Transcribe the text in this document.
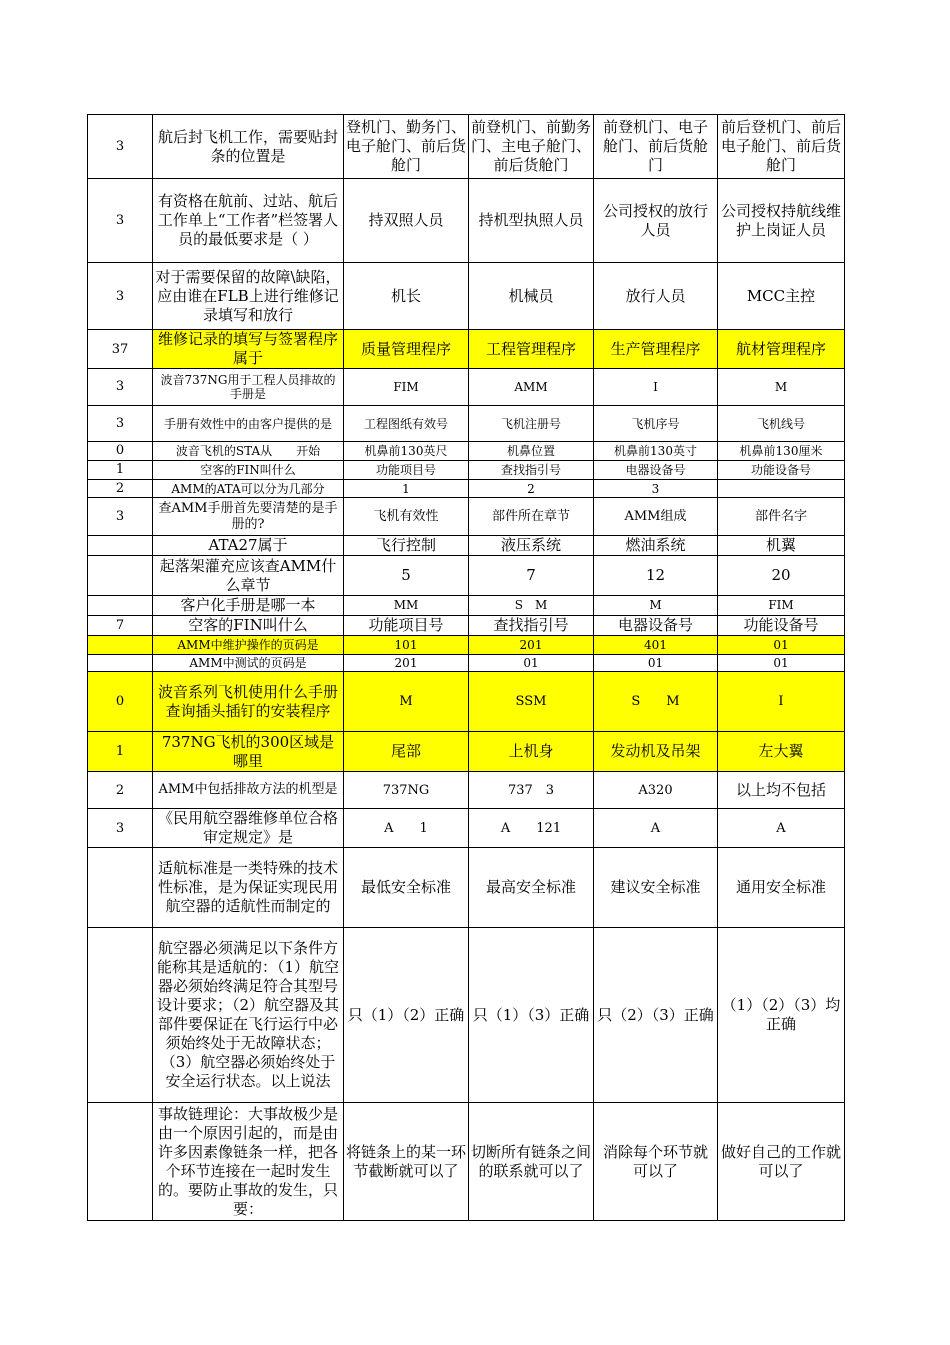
3	航后封飞机工作，需要贴封条的位置是	登机门、勤务门、电子舱门、前后货舱门	前登机门、前勤务门、主电子舱门、前后货舱门	前登机门、电子舱门、前后货舱门	前后登机门、前后电子舱门、前后货舱门
3	有资格在航前、过站、航后工作单上“工作者”栏签署人员的最低要求是（ ）	持双照人员	持机型执照人员	公司授权的放行人员	公司授权持航线维护上岗证人员
3	对于需要保留的故障\缺陷，应由谁在FLB上进行维修记录填写和放行	机长	机械员	放行人员	MCC主控
37	维修记录的填写与签署程序属于	质量管理程序	工程管理程序	生产管理程序	航材管理程序
3	波音737NG用于工程人员排故的手册是	FIM	AMM	I	M
3	手册有效性中的由客户提供的是	工程图纸有效号	飞机注册号	飞机序号	飞机线号
0	波音飞机的STA从　　开始	机鼻前130英尺	机鼻位置	机鼻前130英寸	机鼻前130厘米
1	空客的FIN叫什么	功能项目号	查找指引号	电器设备号	功能设备号
2	AMM的ATA可以分为几部分	1	2	3	
3	查AMM手册首先要清楚的是手册的?	飞机有效性	部件所在章节	AMM组成	部件名字
	ATA27属于	飞行控制	液压系统	燃油系统	机翼
	起落架灌充应该查AMM什么章节	5	7	12	20
	客户化手册是哪一本	MM	S　M	M	FIM
7	空客的FIN叫什么	功能项目号	查找指引号	电器设备号	功能设备号
	AMM中维护操作的页码是	101	201	401	01
	AMM中测试的页码是	201	01	01	01
0	波音系列飞机使用什么手册查询插头插钉的安装程序	M	SSM	S　　M	I
1	737NG飞机的300区域是哪里	尾部	上机身	发动机及吊架	左大翼
2	AMM中包括排故方法的机型是	737NG	737　3	A320	以上均不包括
3	《民用航空器维修单位合格审定规定》是	A　　1	A　　121	A	A
	适航标准是一类特殊的技术性标准，是为保证实现民用航空器的适航性而制定的	最低安全标准	最高安全标准	建议安全标准	通用安全标准
	航空器必须满足以下条件方能称其是适航的：（1）航空器必须始终满足符合其型号设计要求；（2）航空器及其部件要保证在飞行运行中必须始终处于无故障状态；（3）航空器必须始终处于安全运行状态。以上说法	只（1）（2）正确	只（1）（3）正确	只（2）（3）正确	（1）（2）（3）均正确
	事故链理论：大事故极少是由一个原因引起的，而是由许多因素像链条一样，把各个环节连接在一起时发生的。要防止事故的发生，只要：	将链条上的某一环节截断就可以了	切断所有链条之间的联系就可以了	消除每个环节就可以了	做好自己的工作就可以了
